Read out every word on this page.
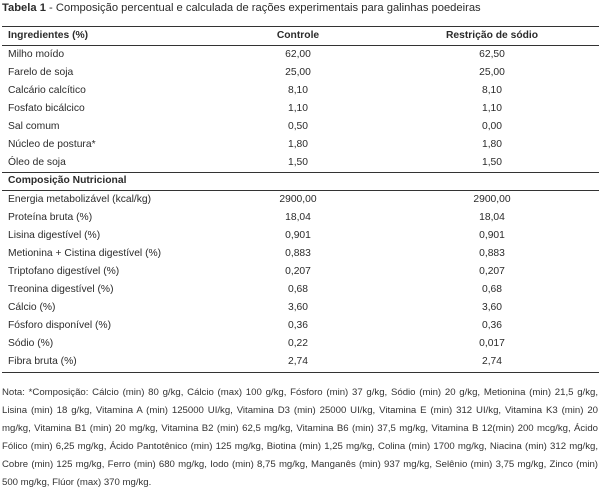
Tabela 1 - Composição percentual e calculada de rações experimentais para galinhas poedeiras
Ingredientes (%)	Controle	Restrição de sódio
Milho moído	62,00	62,50
Farelo de soja	25,00	25,00
Calcário calcítico	8,10	8,10
Fosfato bicálcico	1,10	1,10
Sal comum	0,50	0,00
Núcleo de postura*	1,80	1,80
Óleo de soja	1,50	1,50
Composição Nutricional
Energia metabolizável (kcal/kg)	2900,00	2900,00
Proteína bruta (%)	18,04	18,04
Lisina digestível (%)	0,901	0,901
Metionina + Cistina digestível (%)	0,883	0,883
Triptofano digestível (%)	0,207	0,207
Treonina digestível (%)	0,68	0,68
Cálcio (%)	3,60	3,60
Fósforo disponível (%)	0,36	0,36
Sódio (%)	0,22	0,017
Fibra bruta (%)	2,74	2,74
Nota: *Composição: Cálcio (min) 80 g/kg, Cálcio (max) 100 g/kg, Fósforo (min) 37 g/kg, Sódio (min) 20 g/kg, Metionina (min) 21,5 g/kg, Lisina (min) 18 g/kg, Vitamina A (min) 125000 UI/kg, Vitamina D3 (min) 25000 UI/kg, Vitamina E (min) 312 UI/kg, Vitamina K3 (min) 20 mg/kg, Vitamina B1 (min) 20 mg/kg, Vitamina B2 (min) 62,5 mg/kg, Vitamina B6 (min) 37,5 mg/kg, Vitamina B 12(min) 200 mcg/kg, Ácido Fólico (min) 6,25 mg/kg, Ácido Pantotênico (min) 125 mg/kg, Biotina (min) 1,25 mg/kg, Colina (min) 1700 mg/kg, Niacina (min) 312 mg/kg, Cobre (min) 125 mg/kg, Ferro (min) 680 mg/kg, Iodo (min) 8,75 mg/kg, Manganês (min) 937 mg/kg, Selênio (min) 3,75 mg/kg, Zinco (min) 500 mg/kg, Flúor (max) 370 mg/kg.
